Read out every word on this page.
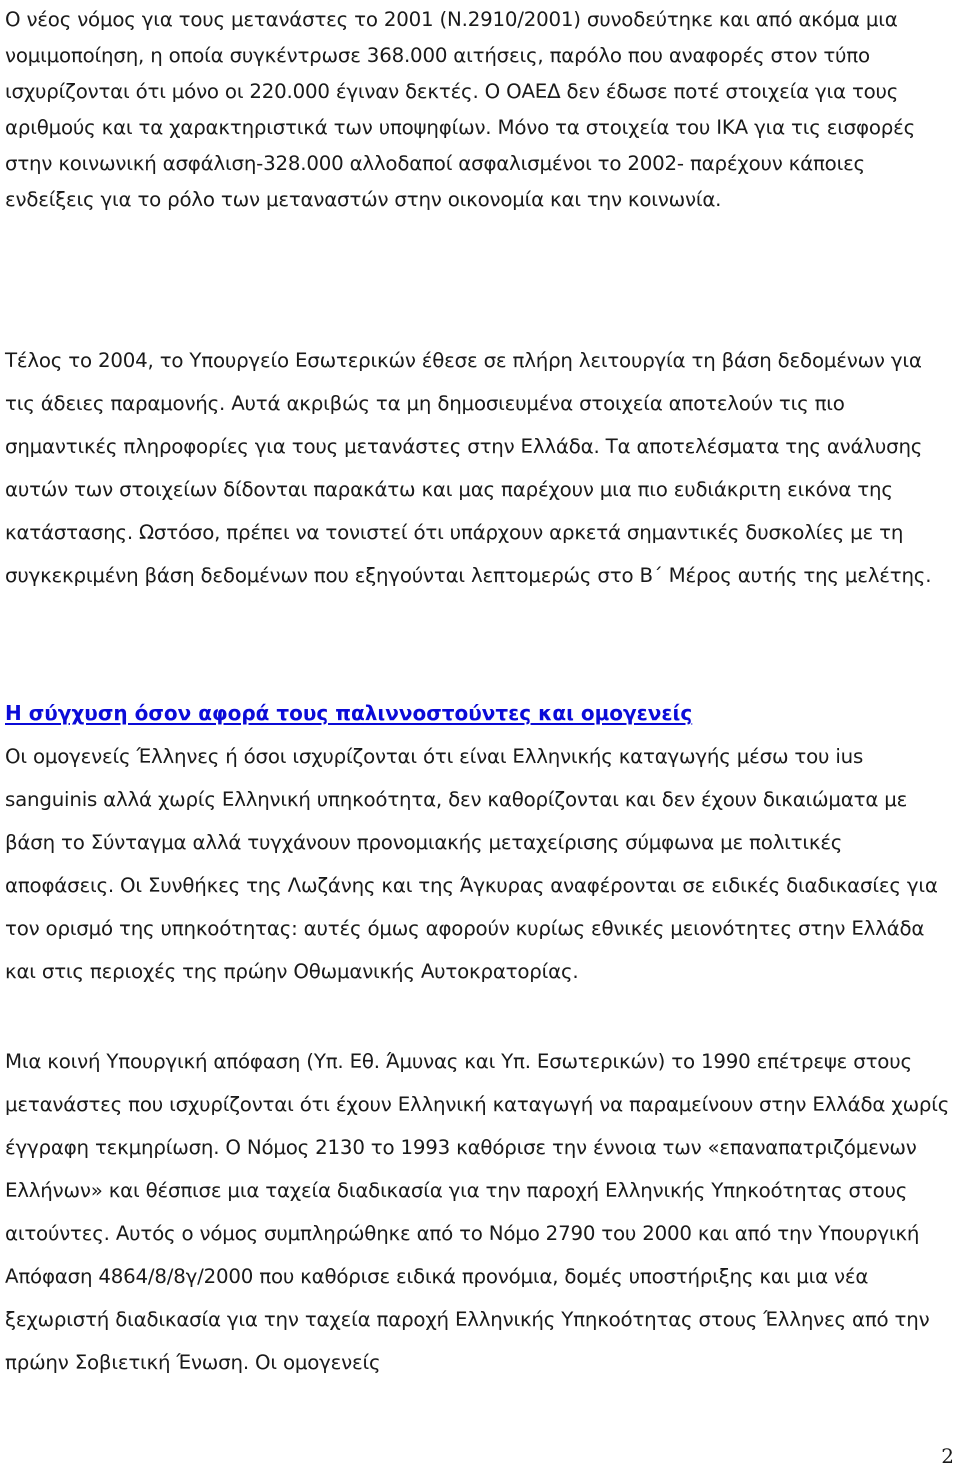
Ο νέος νόμος για τους μετανάστες το 2001 (Ν.2910/2001) συνοδεύτηκε και από ακόμα μια νομιμοποίηση, η οποία συγκέντρωσε 368.000 αιτήσεις, παρόλο που αναφορές στον τύπο ισχυρίζονται ότι μόνο οι 220.000 έγιναν δεκτές. Ο ΟΑΕΔ δεν έδωσε ποτέ στοιχεία για τους αριθμούς και τα χαρακτηριστικά των υποψηφίων. Μόνο τα στοιχεία του ΙΚΑ για τις εισφορές στην κοινωνική ασφάλιση-328.000 αλλοδαποί ασφαλισμένοι το 2002- παρέχουν κάποιες ενδείξεις για το ρόλο των μεταναστών στην οικονομία και την κοινωνία.

Τέλος το 2004, το Υπουργείο Εσωτερικών έθεσε σε πλήρη λειτουργία τη βάση δεδομένων για τις άδειες παραμονής. Αυτά ακριβώς τα μη δημοσιευμένα στοιχεία αποτελούν τις πιο σημαντικές πληροφορίες για τους μετανάστες στην Ελλάδα. Τα αποτελέσματα της ανάλυσης αυτών των στοιχείων δίδονται παρακάτω και μας παρέχουν μια πιο ευδιάκριτη εικόνα της κατάστασης. Ωστόσο, πρέπει να τονιστεί ότι υπάρχουν αρκετά σημαντικές δυσκολίες με τη συγκεκριμένη βάση δεδομένων που εξηγούνται λεπτομερώς στο Β΄ Μέρος αυτής της μελέτης.

Η σύγχυση όσον αφορά τους παλιννοστούντες και ομογενείς

Οι ομογενείς Έλληνες ή όσοι ισχυρίζονται ότι είναι Ελληνικής καταγωγής μέσω του ius sanguinis αλλά χωρίς Ελληνική υπηκοότητα, δεν καθορίζονται και δεν έχουν δικαιώματα με βάση το Σύνταγμα αλλά τυγχάνουν προνομιακής μεταχείρισης σύμφωνα με πολιτικές αποφάσεις. Οι Συνθήκες της Λωζάνης και της Άγκυρας αναφέρονται σε ειδικές διαδικασίες για τον ορισμό της υπηκοότητας: αυτές όμως αφορούν κυρίως εθνικές μειονότητες στην Ελλάδα και στις περιοχές της πρώην Οθωμανικής Αυτοκρατορίας.

Μια κοινή Υπουργική απόφαση (Υπ. Εθ. Άμυνας και Υπ. Εσωτερικών) το 1990 επέτρεψε στους μετανάστες που ισχυρίζονται ότι έχουν Ελληνική καταγωγή να παραμείνουν στην Ελλάδα χωρίς έγγραφη τεκμηρίωση. Ο Νόμος 2130 το 1993 καθόρισε την έννοια των «επαναπατριζόμενων Ελλήνων» και θέσπισε μια ταχεία διαδικασία για την παροχή Ελληνικής Υπηκοότητας στους αιτούντες. Αυτός ο νόμος συμπληρώθηκε από το Νόμο 2790 του 2000 και από την Υπουργική Απόφαση 4864/8/8γ/2000 που καθόρισε ειδικά προνόμια, δομές υποστήριξης και μια νέα ξεχωριστή διαδικασία για την ταχεία παροχή Ελληνικής Υπηκοότητας στους Έλληνες από την πρώην Σοβιετική Ένωση. Οι ομογενείς

2
